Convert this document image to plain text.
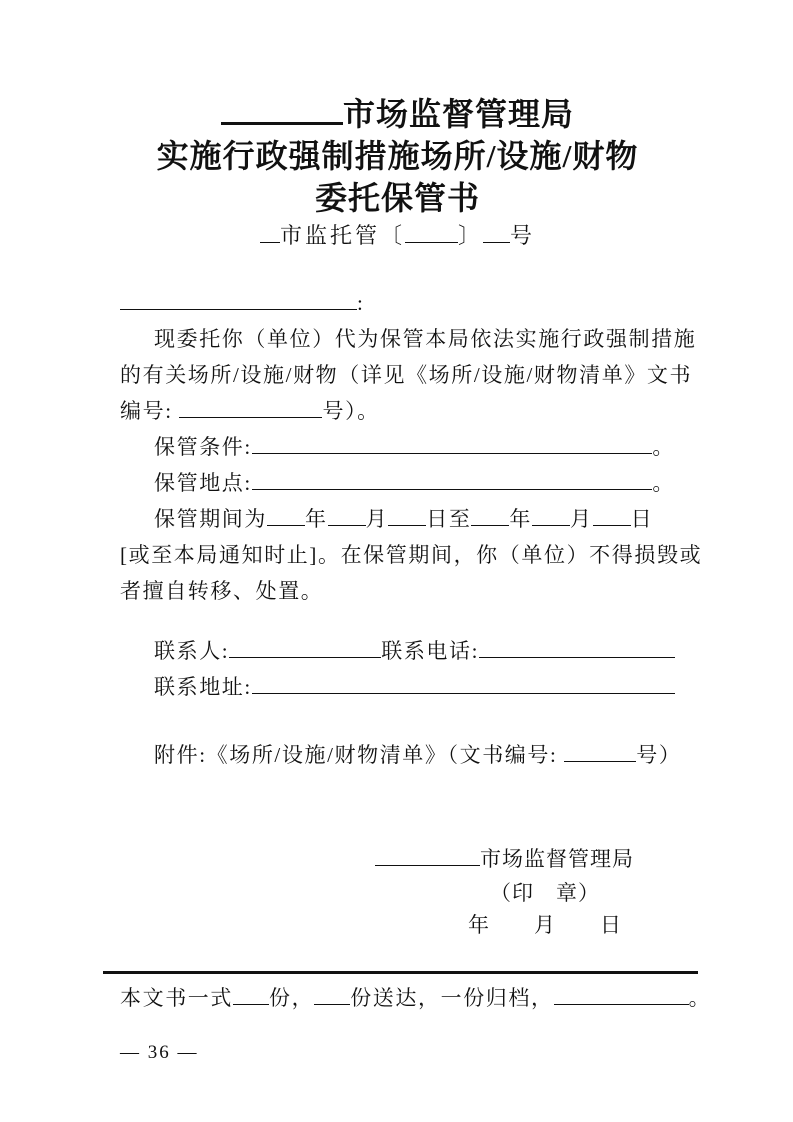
市场监督管理局
实施行政强制措施场所/设施/财物
委托保管书
市监托管〔 〕 号
:
现委托你（单位）代为保管本局依法实施行政强制措施
的有关场所/设施/财物（详见《场所/设施/财物清单》文书
编号:	号）。
保管条件:	。
保管地点:	。
保管期间为 年 月 日至 年 月 日
[或至本局通知时止]。在保管期间，你（单位）不得损毁或
者擅自转移、处置。
联系人:	联系电话:
联系地址:
附件:《场所/设施/财物清单》（文书编号:	号）
市场监督管理局
（印　章）
年　　月　　日
本文书一式 份， 份送达，一份归档，	。
— 36 —
